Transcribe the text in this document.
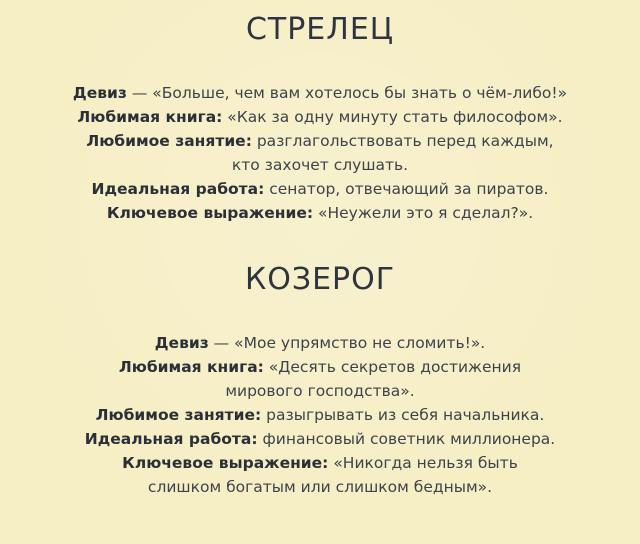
СТРЕЛЕЦ
Девиз — «Больше, чем вам хотелось бы знать о чём-либо!»
Любимая книга: «Как за одну минуту стать философом».
Любимое занятие: разглагольствовать перед каждым,
кто захочет слушать.
Идеальная работа: сенатор, отвечающий за пиратов.
Ключевое выражение: «Неужели это я сделал?».
КОЗЕРОГ
Девиз — «Мое упрямство не сломить!».
Любимая книга: «Десять секретов достижения
мирового господства».
Любимое занятие: разыгрывать из себя начальника.
Идеальная работа: финансовый советник миллионера.
Ключевое выражение: «Никогда нельзя быть
слишком богатым или слишком бедным».
